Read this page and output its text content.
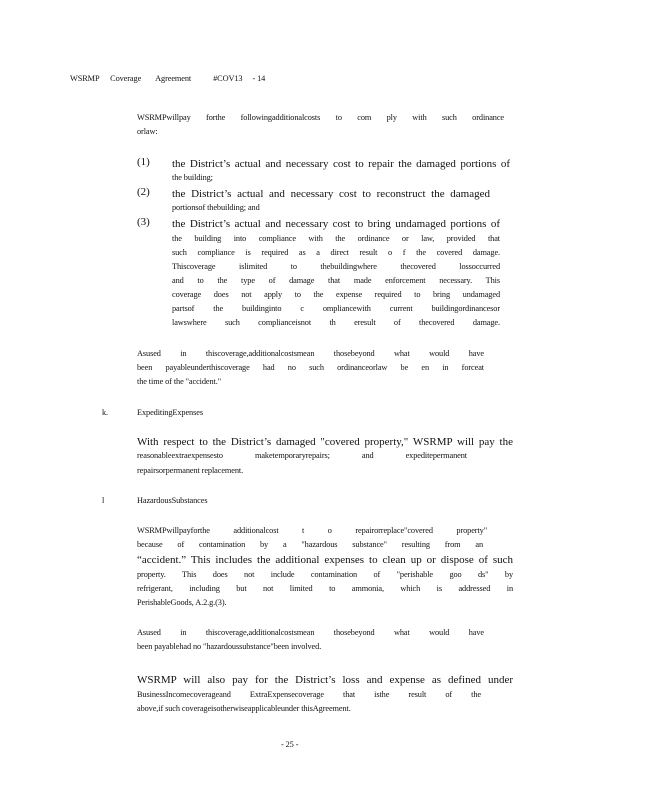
WSRMP Coverage Agreement	#COV13 - 14
WSRMPwillpay forthe followingadditionalcosts to com ply with such ordinance
orlaw:
(1) the District’s actual and necessary cost to repair the damaged portions of
the building;
(2) the District’s actual and necessary cost to reconstruct the damaged
portionsof thebuilding; and
(3) the District’s actual and necessary cost to bring undamaged portions of
the building into compliance with the ordinance or law, provided that
such compliance is required as a direct result o f the covered damage.
Thiscoverage islimited to thebuildingwhere thecovered lossoccurred
and to the type of damage that made enforcement necessary. This
coverage does not apply to the expense required to bring undamaged
partsof the buildinginto c ompliancewith current buildingordinancesor
lawswhere such complianceisnot th eresult of thecovered damage.
Asused in thiscoverage,additionalcostsmean thosebeyond what would have
been payableunderthiscoverage had no such ordinanceorlaw be en in forceat
the time of the "accident."
k.	ExpeditingExpenses
With respect to the District’s damaged "covered property," WSRMP will pay the
reasonableextraexpensesto maketemporaryrepairs; and expeditepermanent
repairsorpermanent replacement.
l	HazardousSubstances
WSRMPwillpayforthe additionalcost t o repairorreplace"covered property"
because of contamination by a "hazardous substance" resulting from an
“accident.” This includes the additional expenses to clean up or dispose of such
property. This does not include contamination of "perishable goo ds" by
refrigerant, including but not limited to ammonia, which is addressed in
PerishableGoods, A.2.g.(3).
Asused in thiscoverage,additionalcostsmean thosebeyond what would have
been payablehad no "hazardoussubstance"been involved.
WSRMP will also pay for the District’s loss and expense as defined under
BusinessIncomecoverageand ExtraExpensecoverage that isthe result of the
above,if such coverageisotherwiseapplicableunder thisAgreement.
- 25 -
